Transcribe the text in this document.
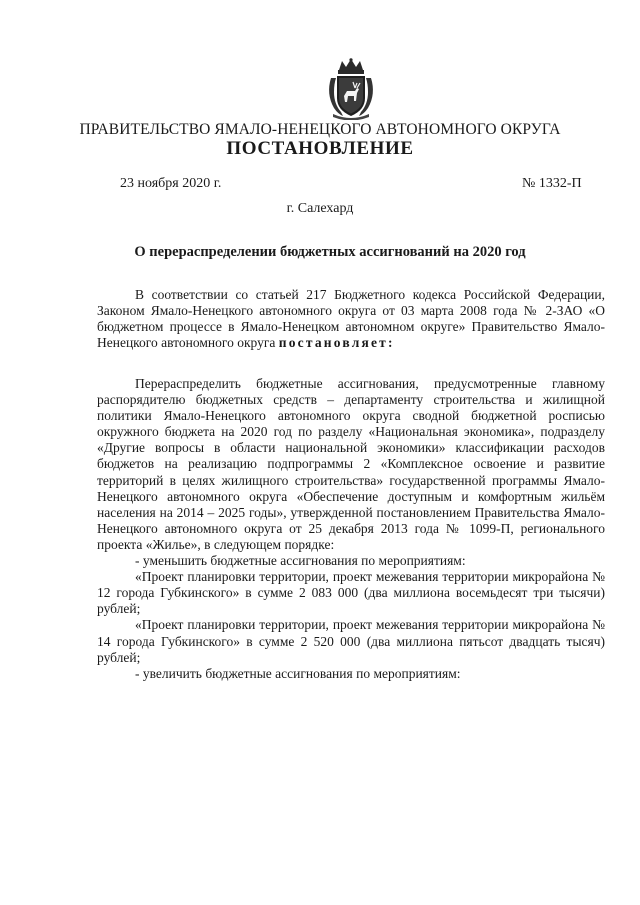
ПРАВИТЕЛЬСТВО ЯМАЛО-НЕНЕЦКОГО АВТОНОМНОГО ОКРУГА
ПОСТАНОВЛЕНИЕ
23 ноября 2020 г.	№ 1332-П
г. Салехард
О перераспределении бюджетных ассигнований на 2020 год

В соответствии со статьей 217 Бюджетного кодекса Российской Федерации, Законом Ямало-Ненецкого автономного округа от 03 марта 2008 года № 2-ЗАО «О бюджетном процессе в Ямало-Ненецком автономном округе» Правительство Ямало-Ненецкого автономного округа постановляет:

Перераспределить бюджетные ассигнования, предусмотренные главному распорядителю бюджетных средств – департаменту строительства и жилищной политики Ямало-Ненецкого автономного округа сводной бюджетной росписью окружного бюджета на 2020 год по разделу «Национальная экономика», подразделу «Другие вопросы в области национальной экономики» классификации расходов бюджетов на реализацию подпрограммы 2 «Комплексное освоение и развитие территорий в целях жилищного строительства» государственной программы Ямало-Ненецкого автономного округа «Обеспечение доступным и комфортным жильём населения на 2014 – 2025 годы», утвержденной постановлением Правительства Ямало-Ненецкого автономного округа от 25 декабря 2013 года № 1099-П, регионального проекта «Жилье», в следующем порядке:

- уменьшить бюджетные ассигнования по мероприятиям:

«Проект планировки территории, проект межевания территории микрорайона № 12 города Губкинского» в сумме 2 083 000 (два миллиона восемьдесят три тысячи) рублей;

«Проект планировки территории, проект межевания территории микрорайона № 14 города Губкинского» в сумме 2 520 000 (два миллиона пятьсот двадцать тысяч) рублей;

- увеличить бюджетные ассигнования по мероприятиям:
